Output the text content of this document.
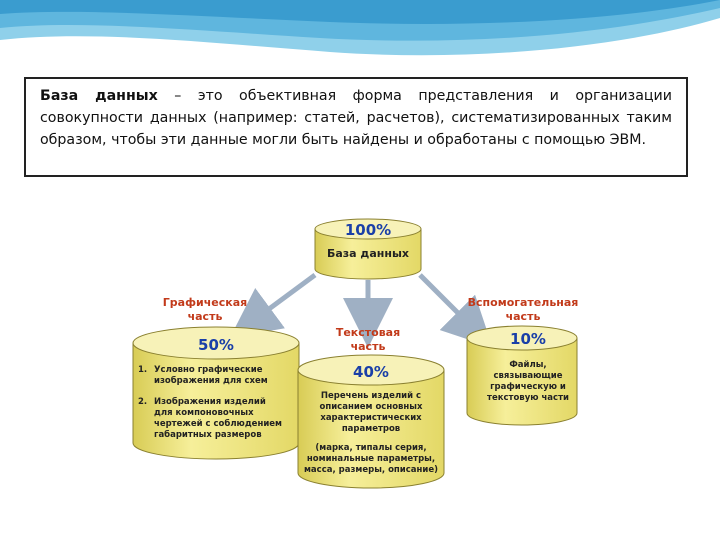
База данных – это объективная форма представления и организации совокупности данных (например: статей, расчетов), систематизированных таким образом, чтобы эти данные могли быть найдены и обработаны с помощью ЭВМ.
100%
База данных
Графическая
часть
50%
1. Условно графические
изображения для схем
2. Изображения изделий
для компоновочных
чертежей с соблюдением
габаритных размеров
Текстовая
часть
40%
Перечень изделий с
описанием основных
характеристических
параметров
(марка, типалы серия,
номинальные параметры,
масса, размеры, описание)
Вспомогательная
часть
10%
Файлы,
связывающие
графическую и
текстовую части
